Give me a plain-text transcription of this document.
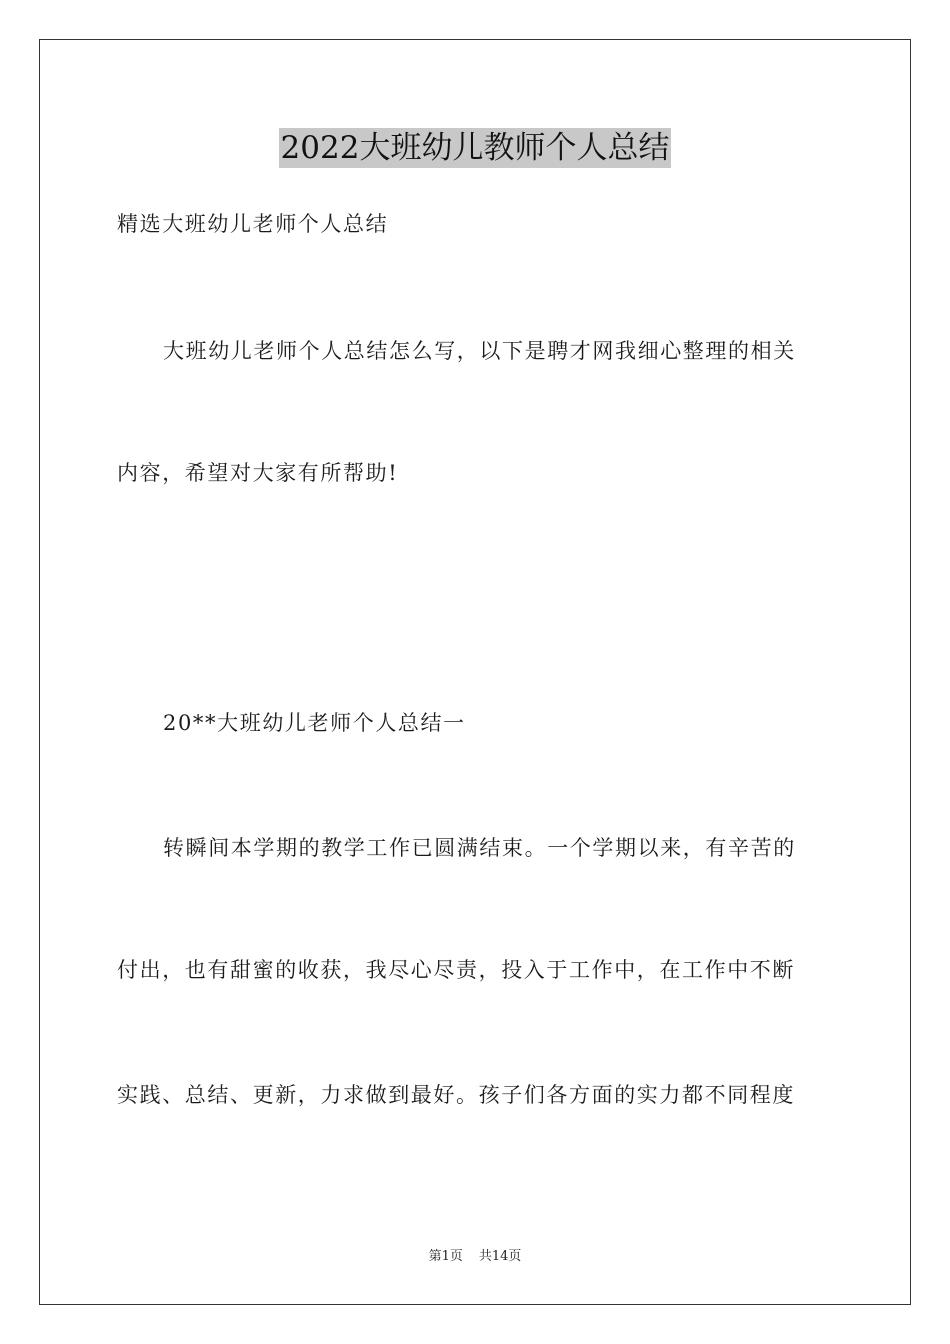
2022大班幼儿教师个人总结
精选大班幼儿老师个人总结
大班幼儿老师个人总结怎么写，以下是聘才网我细心整理的相关
内容，希望对大家有所帮助!
20**大班幼儿老师个人总结一
转瞬间本学期的教学工作已圆满结束。一个学期以来，有辛苦的
付出，也有甜蜜的收获，我尽心尽责，投入于工作中，在工作中不断
实践、总结、更新，力求做到最好。孩子们各方面的实力都不同程度
第1页 共14页
